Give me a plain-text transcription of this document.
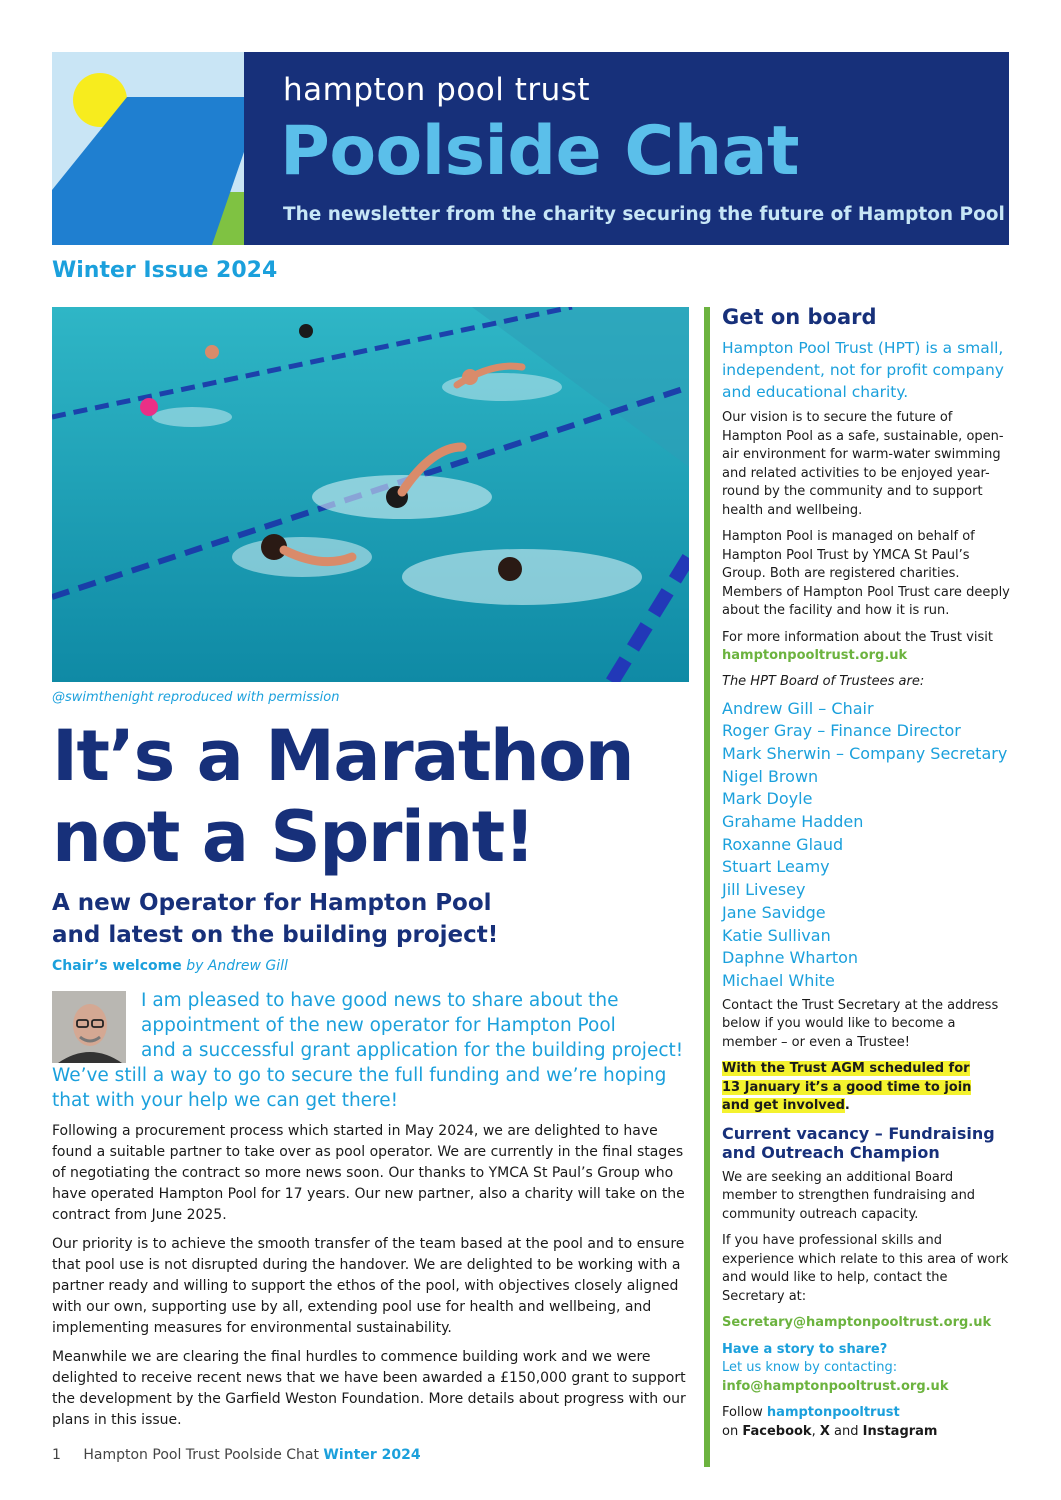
hampton pool trust
Poolside Chat
The newsletter from the charity securing the future of Hampton Pool
Winter Issue 2024
@swimthenight reproduced with permission
It’s a Marathon
not a Sprint!
A new Operator for Hampton Pool
and latest on the building project!
Chair’s welcome by Andrew Gill
I am pleased to have good news to share about the
appointment of the new operator for Hampton Pool
and a successful grant application for the building project!
We’ve still a way to go to secure the full funding and we’re hoping
that with your help we can get there!

Following a procurement process which started in May 2024, we are delighted to have found a suitable partner to take over as pool operator. We are currently in the final stages of negotiating the contract so more news soon. Our thanks to YMCA St Paul’s Group who have operated Hampton Pool for 17 years. Our new partner, also a charity will take on the contract from June 2025.

Our priority is to achieve the smooth transfer of the team based at the pool and to ensure that pool use is not disrupted during the handover. We are delighted to be working with a partner ready and willing to support the ethos of the pool, with objectives closely aligned with our own, supporting use by all, extending pool use for health and wellbeing, and implementing measures for environmental sustainability.

Meanwhile we are clearing the final hurdles to commence building work and we were delighted to receive recent news that we have been awarded a £150,000 grant to support the development by the Garfield Weston Foundation. More details about progress with our plans in this issue.

1 Hampton Pool Trust Poolside Chat Winter 2024
Get on board
Hampton Pool Trust (HPT) is a small, independent, not for profit company and educational charity.
Our vision is to secure the future of Hampton Pool as a safe, sustainable, open-air environment for warm-water swimming and related activities to be enjoyed year-round by the community and to support health and wellbeing.
Hampton Pool is managed on behalf of Hampton Pool Trust by YMCA St Paul’s Group. Both are registered charities. Members of Hampton Pool Trust care deeply about the facility and how it is run.
For more information about the Trust visit
hamptonpooltrust.org.uk
The HPT Board of Trustees are:
Andrew Gill – Chair
Roger Gray – Finance Director
Mark Sherwin – Company Secretary
Nigel Brown
Mark Doyle
Grahame Hadden
Roxanne Glaud
Stuart Leamy
Jill Livesey
Jane Savidge
Katie Sullivan
Daphne Wharton
Michael White
Contact the Trust Secretary at the address below if you would like to become a member – or even a Trustee!
With the Trust AGM scheduled for
13 January it’s a good time to join
and get involved.
Current vacancy – Fundraising and Outreach Champion
We are seeking an additional Board member to strengthen fundraising and community outreach capacity.
If you have professional skills and experience which relate to this area of work and would like to help, contact the Secretary at:
Secretary@hamptonpooltrust.org.uk
Have a story to share?
Let us know by contacting:
info@hamptonpooltrust.org.uk
Follow hamptonpooltrust
on Facebook, X and Instagram
